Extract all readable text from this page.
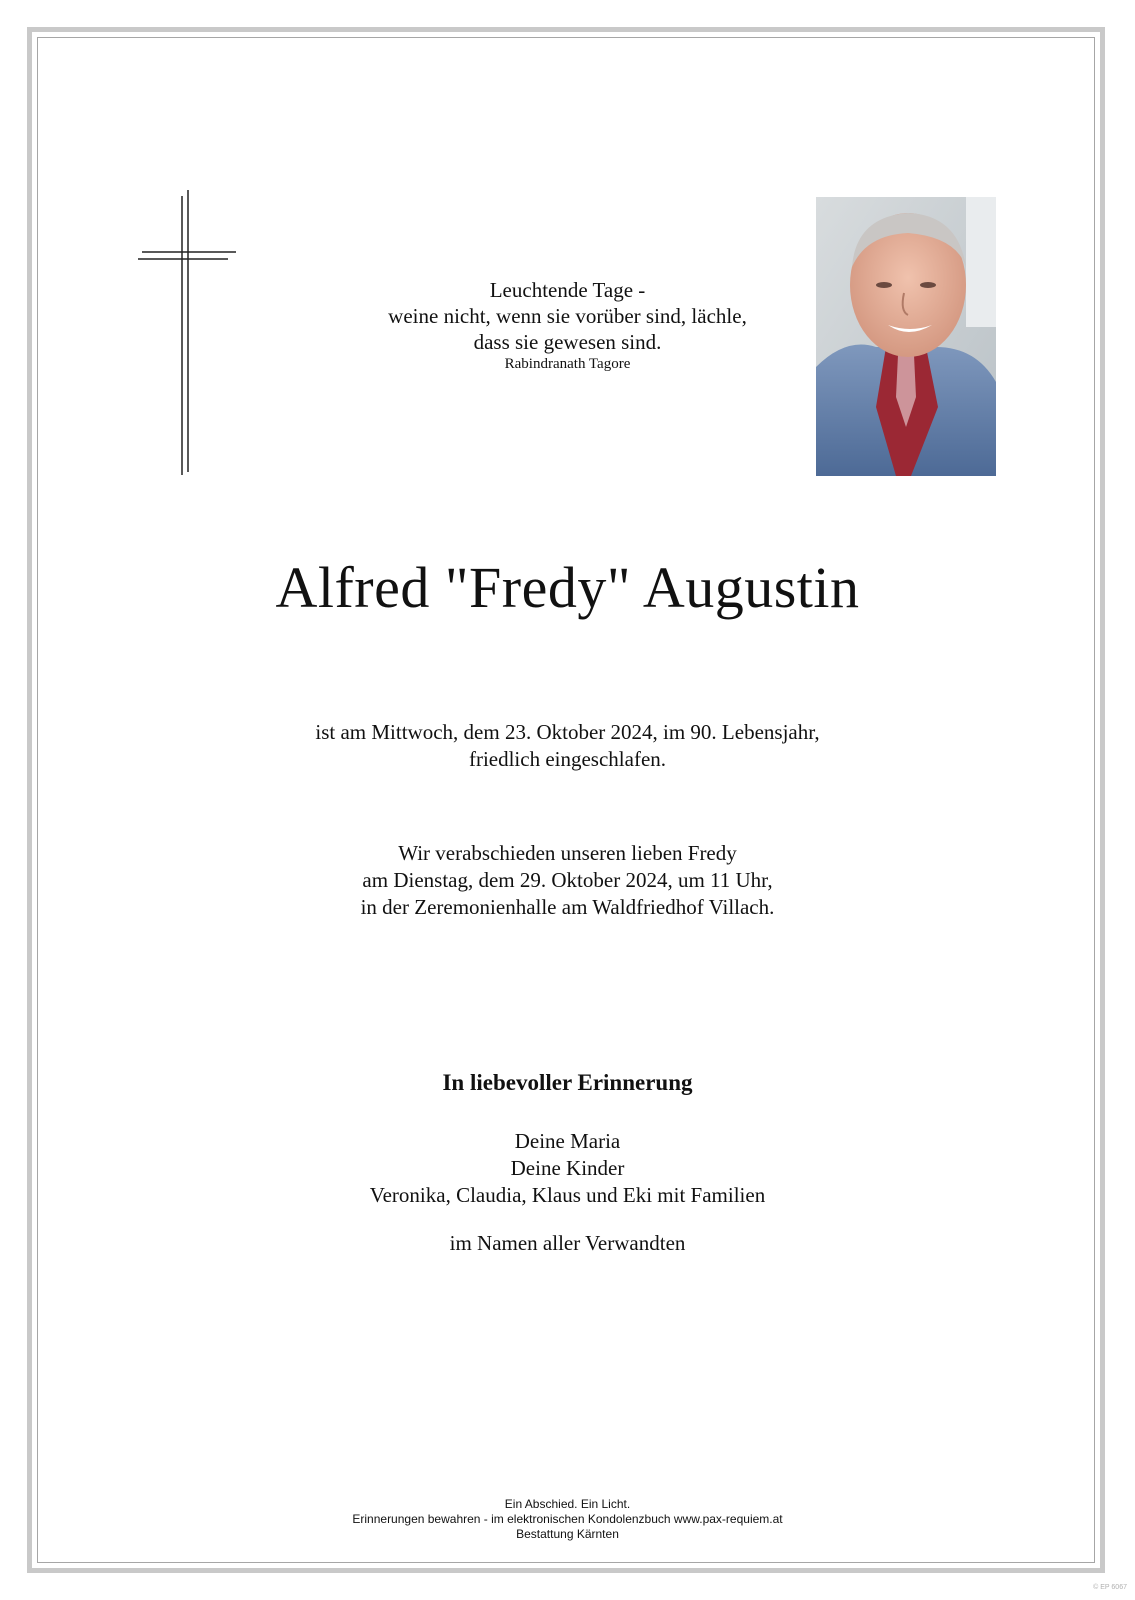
Leuchtende Tage -
weine nicht, wenn sie vorüber sind, lächle,
dass sie gewesen sind.
Rabindranath Tagore
Alfred "Fredy" Augustin
ist am Mittwoch, dem 23. Oktober 2024, im 90. Lebensjahr,
friedlich eingeschlafen.
Wir verabschieden unseren lieben Fredy
am Dienstag, dem 29. Oktober 2024, um 11 Uhr,
in der Zeremonienhalle am Waldfriedhof Villach.
In liebevoller Erinnerung
Deine Maria
Deine Kinder
Veronika, Claudia, Klaus und Eki mit Familien
im Namen aller Verwandten
Ein Abschied. Ein Licht.
Erinnerungen bewahren - im elektronischen Kondolenzbuch www.pax-requiem.at
Bestattung Kärnten
© EP 6067
